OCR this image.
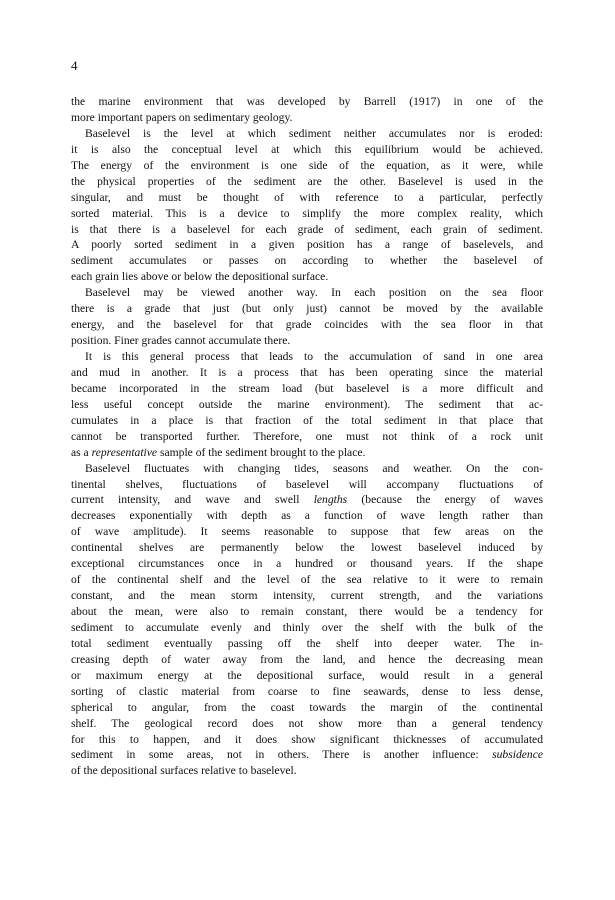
4
the marine environment that was developed by Barrell (1917) in one of the
more important papers on sedimentary geology.
Baselevel is the level at which sediment neither accumulates nor is eroded:
it is also the conceptual level at which this equilibrium would be achieved.
The energy of the environment is one side of the equation, as it were, while
the physical properties of the sediment are the other. Baselevel is used in the
singular, and must be thought of with reference to a particular, perfectly
sorted material. This is a device to simplify the more complex reality, which
is that there is a baselevel for each grade of sediment, each grain of sediment.
A poorly sorted sediment in a given position has a range of baselevels, and
sediment accumulates or passes on according to whether the baselevel of
each grain lies above or below the depositional surface.
Baselevel may be viewed another way. In each position on the sea floor
there is a grade that just (but only just) cannot be moved by the available
energy, and the baselevel for that grade coincides with the sea floor in that
position. Finer grades cannot accumulate there.
It is this general process that leads to the accumulation of sand in one area
and mud in another. It is a process that has been operating since the material
became incorporated in the stream load (but baselevel is a more difficult and
less useful concept outside the marine environment). The sediment that ac-
cumulates in a place is that fraction of the total sediment in that place that
cannot be transported further. Therefore, one must not think of a rock unit
as a representative sample of the sediment brought to the place.
Baselevel fluctuates with changing tides, seasons and weather. On the con-
tinental shelves, fluctuations of baselevel will accompany fluctuations of
current intensity, and wave and swell lengths (because the energy of waves
decreases exponentially with depth as a function of wave length rather than
of wave amplitude). It seems reasonable to suppose that few areas on the
continental shelves are permanently below the lowest baselevel induced by
exceptional circumstances once in a hundred or thousand years. If the shape
of the continental shelf and the level of the sea relative to it were to remain
constant, and the mean storm intensity, current strength, and the variations
about the mean, were also to remain constant, there would be a tendency for
sediment to accumulate evenly and thinly over the shelf with the bulk of the
total sediment eventually passing off the shelf into deeper water. The in-
creasing depth of water away from the land, and hence the decreasing mean
or maximum energy at the depositional surface, would result in a general
sorting of clastic material from coarse to fine seawards, dense to less dense,
spherical to angular, from the coast towards the margin of the continental
shelf. The geological record does not show more than a general tendency
for this to happen, and it does show significant thicknesses of accumulated
sediment in some areas, not in others. There is another influence: subsidence
of the depositional surfaces relative to baselevel.
